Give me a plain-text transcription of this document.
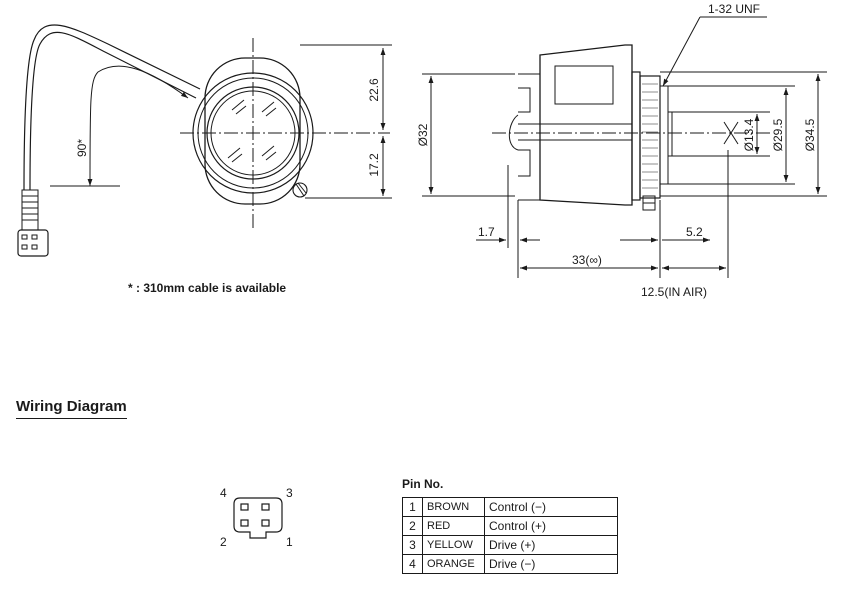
90*
22.6
17.2
* : 310mm cable is available
1-32 UNF
Ø32	Ø13.4 Ø29.5 Ø34.5
1.7	5.2
33(∞)
12.5(IN AIR)
4	3
2	1
Wiring Diagram
Pin No.
1	BROWN	Control (−)
2	RED	Control (+)
3	YELLOW	Drive (+)
4	ORANGE	Drive (−)
